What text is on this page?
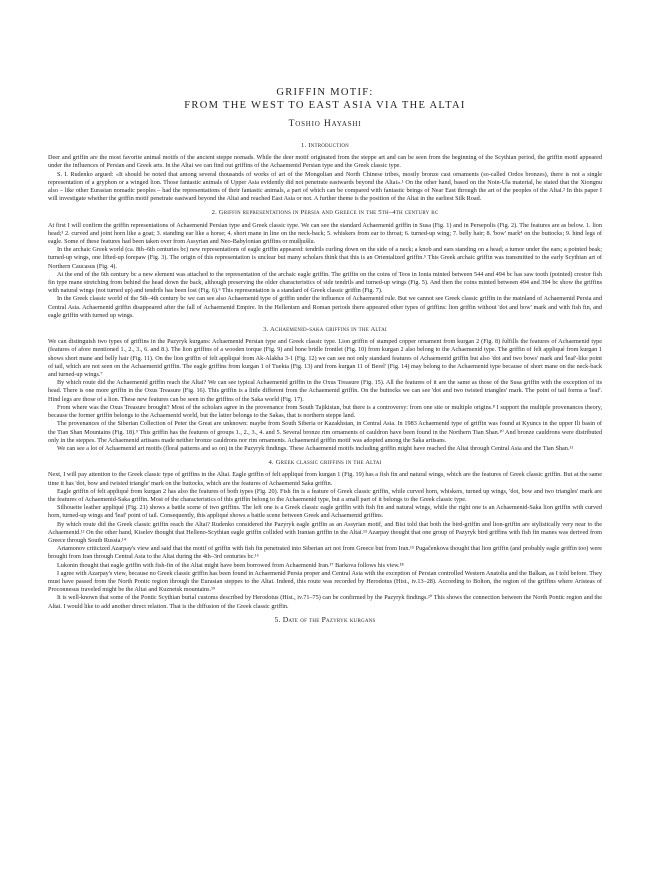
GRIFFIN MOTIF:
FROM THE WEST TO EAST ASIA VIA THE ALTAI
Toshio Hayashi
1. Introduction

Deer and griffin are the most favorite animal motifs of the ancient steppe nomads. While the deer motif originated from the steppe art and can be seen from the beginning of the Scythian period, the griffin motif appeared under the influences of Persian and Greek arts. In the Altai we can find out griffins of the Achaemenid Persian type and the Greek classic type.

S. I. Rudenko argued: «It should be noted that among several thousands of works of art of the Mongolian and North Chinese tribes, mostly bronze cast ornaments (so-called Ordos bronzes), there is not a single representation of a gryphon or a winged lion. Those fantastic animals of Upper Asia evidently did not penetrate eastwards beyond the Altai».¹ On the other hand, based on the Noin-Ula material, he stated that the Xiongnu also – like other Eurasian nomadic peoples – had the representations of their fantastic animals, a part of which can be compared with fantastic beings of Near East through the art of the peoples of the Altai.² In this paper I will investigate whether the griffin motif penetrate eastward beyond the Altai and reached East Asia or not. A further theme is the position of the Altai in the earliest Silk Road.

2. Griffin representations in Persia and Greece in the 5th–4th century bc

At first I will confirm the griffin representations of Achaemenid Persian type and Greek classic type. We can see the standard Achaemenid griffin in Susa (Fig. 1) and in Persepolis (Fig. 2). The features are as below. 1. lion head;³ 2. curved and joint horn like a goat; 3. standing ear like a horse; 4. short mane in line on the neck-back; 5. whiskers from ear to throat; 6. turned-up wing; 7. belly hair; 8. 'bow' mark⁴ on the buttocks; 9. hind legs of eagle. Some of these features had been taken over from Assyrian and Neo-Babylonian griffins or mušḫuššu.

In the archaic Greek world (ca. 8th–6th centuries bc) new representations of eagle griffin appeared: tendrils curling down on the side of a neck; a knob and ears standing on a head; a tumor under the ears; a pointed beak; turned-up wings, one lifted-up forepaw (Fig. 3). The origin of this representation is unclear but many scholars think that this is an Orientalized griffin.⁵ This Greek archaic griffin was transmitted to the early Scythian art of Northern Caucasus (Fig. 4).

At the end of the 6th century bc a new element was attached to the representation of the archaic eagle griffin. The griffin on the coins of Teos in Ionia minted between 544 and 494 bc has saw tooth (pointed) crestor fish fin type mane stretching from behind the head down the back, although preserving the older characteristics of side tendrils and turned-up wings (Fig. 5). And then the coins minted between 494 and 394 bc show the griffins with natural wings (not turned up) and tendrils has been lost (Fig. 6).⁶ This representation is a standard of Greek classic griffin (Fig. 7).

In the Greek classic world of the 5th–4th century bc we can see also Achaemenid type of griffin under the influence of Achaemenid rule. But we cannot see Greek classic griffin in the mainland of Achaemenid Persia and Central Asia. Achaemenid griffin disappeared after the fall of Achaemenid Empire. In the Hellenism and Roman periods there appeared other types of griffins: lion griffin without 'dot and bow' mark and with fish fin, and eagle griffin with turned up wings.

3. Achaemenid-saka griffins in the Altai

We can distinguish two types of griffins in the Pazyryk kurgans: Achaemenid Persian type and Greek classic type. Lion griffin of stamped copper ornament from kurgan 2 (Fig. 8) fulfills the features of Achaemenid type (features of afore mentioned 1., 2., 3., 6. and 8.). The lion griffins of a wooden torque (Fig. 9) and bone bridle frontlet (Fig. 10) from kurgan 2 also belong to the Achaemenid type. The griffin of felt appliqué from kurgan 1 shows short mane and belly hair (Fig. 11). On the lion griffin of felt appliqué from Ak-Alakha 3-1 (Fig. 12) we can see not only standard features of Achaemenid griffin but also 'dot and two bows' mark and 'leaf'-like point of tail, which are not seen on the Achaemenid griffin. The eagle griffins from kurgan 1 of Tuekta (Fig. 13) and from kurgan 11 of Berel' (Fig. 14) may belong to the Achaemenid type because of short mane on the neck-back and turned-up wings.⁷

By which route did the Achaemenid griffin reach the Altai? We can see typical Achaemenid griffin in the Oxus Treasure (Fig. 15). All the features of it are the same as those of the Susa griffin with the exception of its head. There is one more griffin in the Oxus Treasure (Fig. 16). This griffin is a little different from the Achaemenid griffin. On the buttocks we can see 'dot and two twisted triangles' mark. The point of tail forms a 'leaf'. Hind legs are those of a lion. These new features can be seen in the griffins of the Saka world (Fig. 17).

From where was the Oxus Treasure brought? Most of the scholars agree in the provenance from South Tajikistan, but there is a controversy: from one site or multiple origins.⁸ I support the multiple provenances theory, because the former griffin belongs to the Achaemenid world, but the latter belongs to the Sakas, that is northern steppe land.

The provenances of the Siberian Collection of Peter the Great are unknown: maybe from South Siberia or Kazakhstan, in Central Asia. In 1983 Achaemenid type of griffin was found at Kyuncs in the upper Ili basin of the Tian Shan Mountains (Fig. 18).⁹ This griffin has the features of groups 1., 2., 3., 4. and 5. Several bronze rim ornaments of cauldron have been found in the Northern Tian Shan.¹⁰ And bronze cauldrons were distributed only in the steppes. The Achaemenid artisans made neither bronze cauldrons nor rim ornaments. Achaemenid griffin motif was adopted among the Saka artisans.

We can see a lot of Achaemenid art motifs (floral patterns and so on) in the Pazyryk findings. These Achaemenid motifs including griffin might have reached the Altai through Central Asia and the Tian Shan.¹¹

4. Greek classic griffins in the Altai

Next, I will pay attention to the Greek classic type of griffins in the Altai. Eagle griffin of felt appliqué from kurgan 1 (Fig. 19) has a fish fin and natural wings, which are the features of Greek classic griffin. But at the same time it has 'dot, bow and twisted triangle' mark on the buttocks, which are the features of Achaemenid Saka griffin.

Eagle griffin of felt appliqué from kurgan 2 has also the features of both types (Fig. 20). Fish fin is a feature of Greek classic griffin, while curved horn, whiskers, turned up wings, 'dot, bow and two triangles' mark are the features of Achaemenid-Saka griffin. Most of the characteristics of this griffin belong to the Achaemenid type, but a small part of it belongs to the Greek classic type.

Silhouette leather appliqué (Fig. 21) shows a battle scene of two griffins. The left one is a Greek classic eagle griffin with fish fin and natural wings, while the right one is an Achaemenid-Saka lion griffin with curved horn, turned-up wings and 'leaf' point of tail. Consequently, this appliqué shows a battle scene between Greek and Achaemenid griffins.

By which route did the Greek classic griffin reach the Altai? Rudenko considered the Pazyryk eagle griffin as an Assyrian motif, and Bisi told that both the bird-griffin and lion-griffin are stylistically very near to the Achaemenid.¹² On the other hand, Kiselev thought that Helleno-Scythian eagle griffin collided with Iranian griffin in the Altai.¹³ Azarpay thought that one group of Pazyryk bird griffins with fish fin manes was derived from Greece through South Russia.¹⁴

Artamonov criticized Azarpay's view and said that the motif of griffin with fish fin penetrated into Siberian art not from Greece but from Iran.¹⁵ Pugačenkova thought that lion griffin (and probably eagle griffin too) were brought from Iran through Central Asia to the Altai during the 4th–3rd centuries bc.¹⁶

Lukonin thought that eagle griffin with fish-fin of the Altai might have been borrowed from Achaemenid Iran.¹⁷ Barkova follows his view.¹⁸

I agree with Azarpay's view, because no Greek classic griffin has been found in Achaemenid Persia proper and Central Asia with the exception of Persian controlled Western Anatolia and the Balkan, as I told before. They must have passed from the North Pontic region through the Eurasian steppes to the Altai. Indeed, this route was recorded by Herodotus (Hist., iv.13–28). According to Bolton, the region of the griffins where Aristeas of Proconnesus traveled might be the Altai and Kuznetsk mountains.¹⁹

It is well-known that some of the Pontic Scythian burial customs described by Herodotus (Hist., iv.71–75) can be confirmed by the Pazyryk findings.²⁰ This shows the connection between the North Pontic region and the Altai. I would like to add another direct relation. That is the diffusion of the Greek classic griffin.

5. Date of the Pazyryk kurgans
